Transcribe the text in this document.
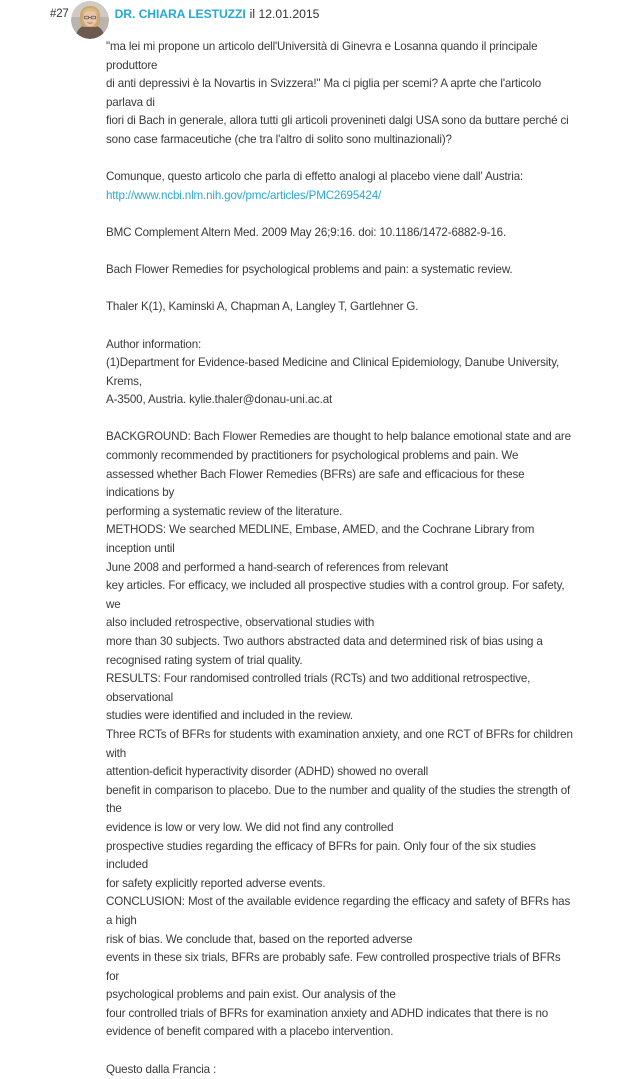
#27	DR. CHIARA LESTUZZI il 12.01.2015

"ma lei mi propone un articolo dell'Università di Ginevra e Losanna quando il principale produttore

di anti depressivi è la Novartis in Svizzera!" Ma ci piglia per scemi? A aprte che l'articolo parlava di

fiori di Bach in generale, allora tutti gli articoli provenineti dalgi USA sono da buttare perché ci

sono case farmaceutiche (che tra l'altro di solito sono multinazionali)?

Comunque, questo articolo che parla di effetto analogi al placebo viene dall' Austria:

http://www.ncbi.nlm.nih.gov/pmc/articles/PMC2695424/

BMC Complement Altern Med. 2009 May 26;9:16. doi: 10.1186/1472-6882-9-16.

Bach Flower Remedies for psychological problems and pain: a systematic review.

Thaler K(1), Kaminski A, Chapman A, Langley T, Gartlehner G.

Author information:

(1)Department for Evidence-based Medicine and Clinical Epidemiology, Danube University, Krems,

A-3500, Austria. kylie.thaler@donau-uni.ac.at

BACKGROUND: Bach Flower Remedies are thought to help balance emotional state and are

commonly recommended by practitioners for psychological problems and pain. We

assessed whether Bach Flower Remedies (BFRs) are safe and efficacious for these indications by

performing a systematic review of the literature.

METHODS: We searched MEDLINE, Embase, AMED, and the Cochrane Library from inception until

June 2008 and performed a hand-search of references from relevant

key articles. For efficacy, we included all prospective studies with a control group. For safety, we

also included retrospective, observational studies with

more than 30 subjects. Two authors abstracted data and determined risk of bias using a

recognised rating system of trial quality.

RESULTS: Four randomised controlled trials (RCTs) and two additional retrospective, observational

studies were identified and included in the review.

Three RCTs of BFRs for students with examination anxiety, and one RCT of BFRs for children with

attention-deficit hyperactivity disorder (ADHD) showed no overall

benefit in comparison to placebo. Due to the number and quality of the studies the strength of the

evidence is low or very low. We did not find any controlled

prospective studies regarding the efficacy of BFRs for pain. Only four of the six studies included

for safety explicitly reported adverse events.

CONCLUSION: Most of the available evidence regarding the efficacy and safety of BFRs has a high

risk of bias. We conclude that, based on the reported adverse

events in these six trials, BFRs are probably safe. Few controlled prospective trials of BFRs for

psychological problems and pain exist. Our analysis of the

four controlled trials of BFRs for examination anxiety and ADHD indicates that there is no

evidence of benefit compared with a placebo intervention.

Questo dalla Francia :
